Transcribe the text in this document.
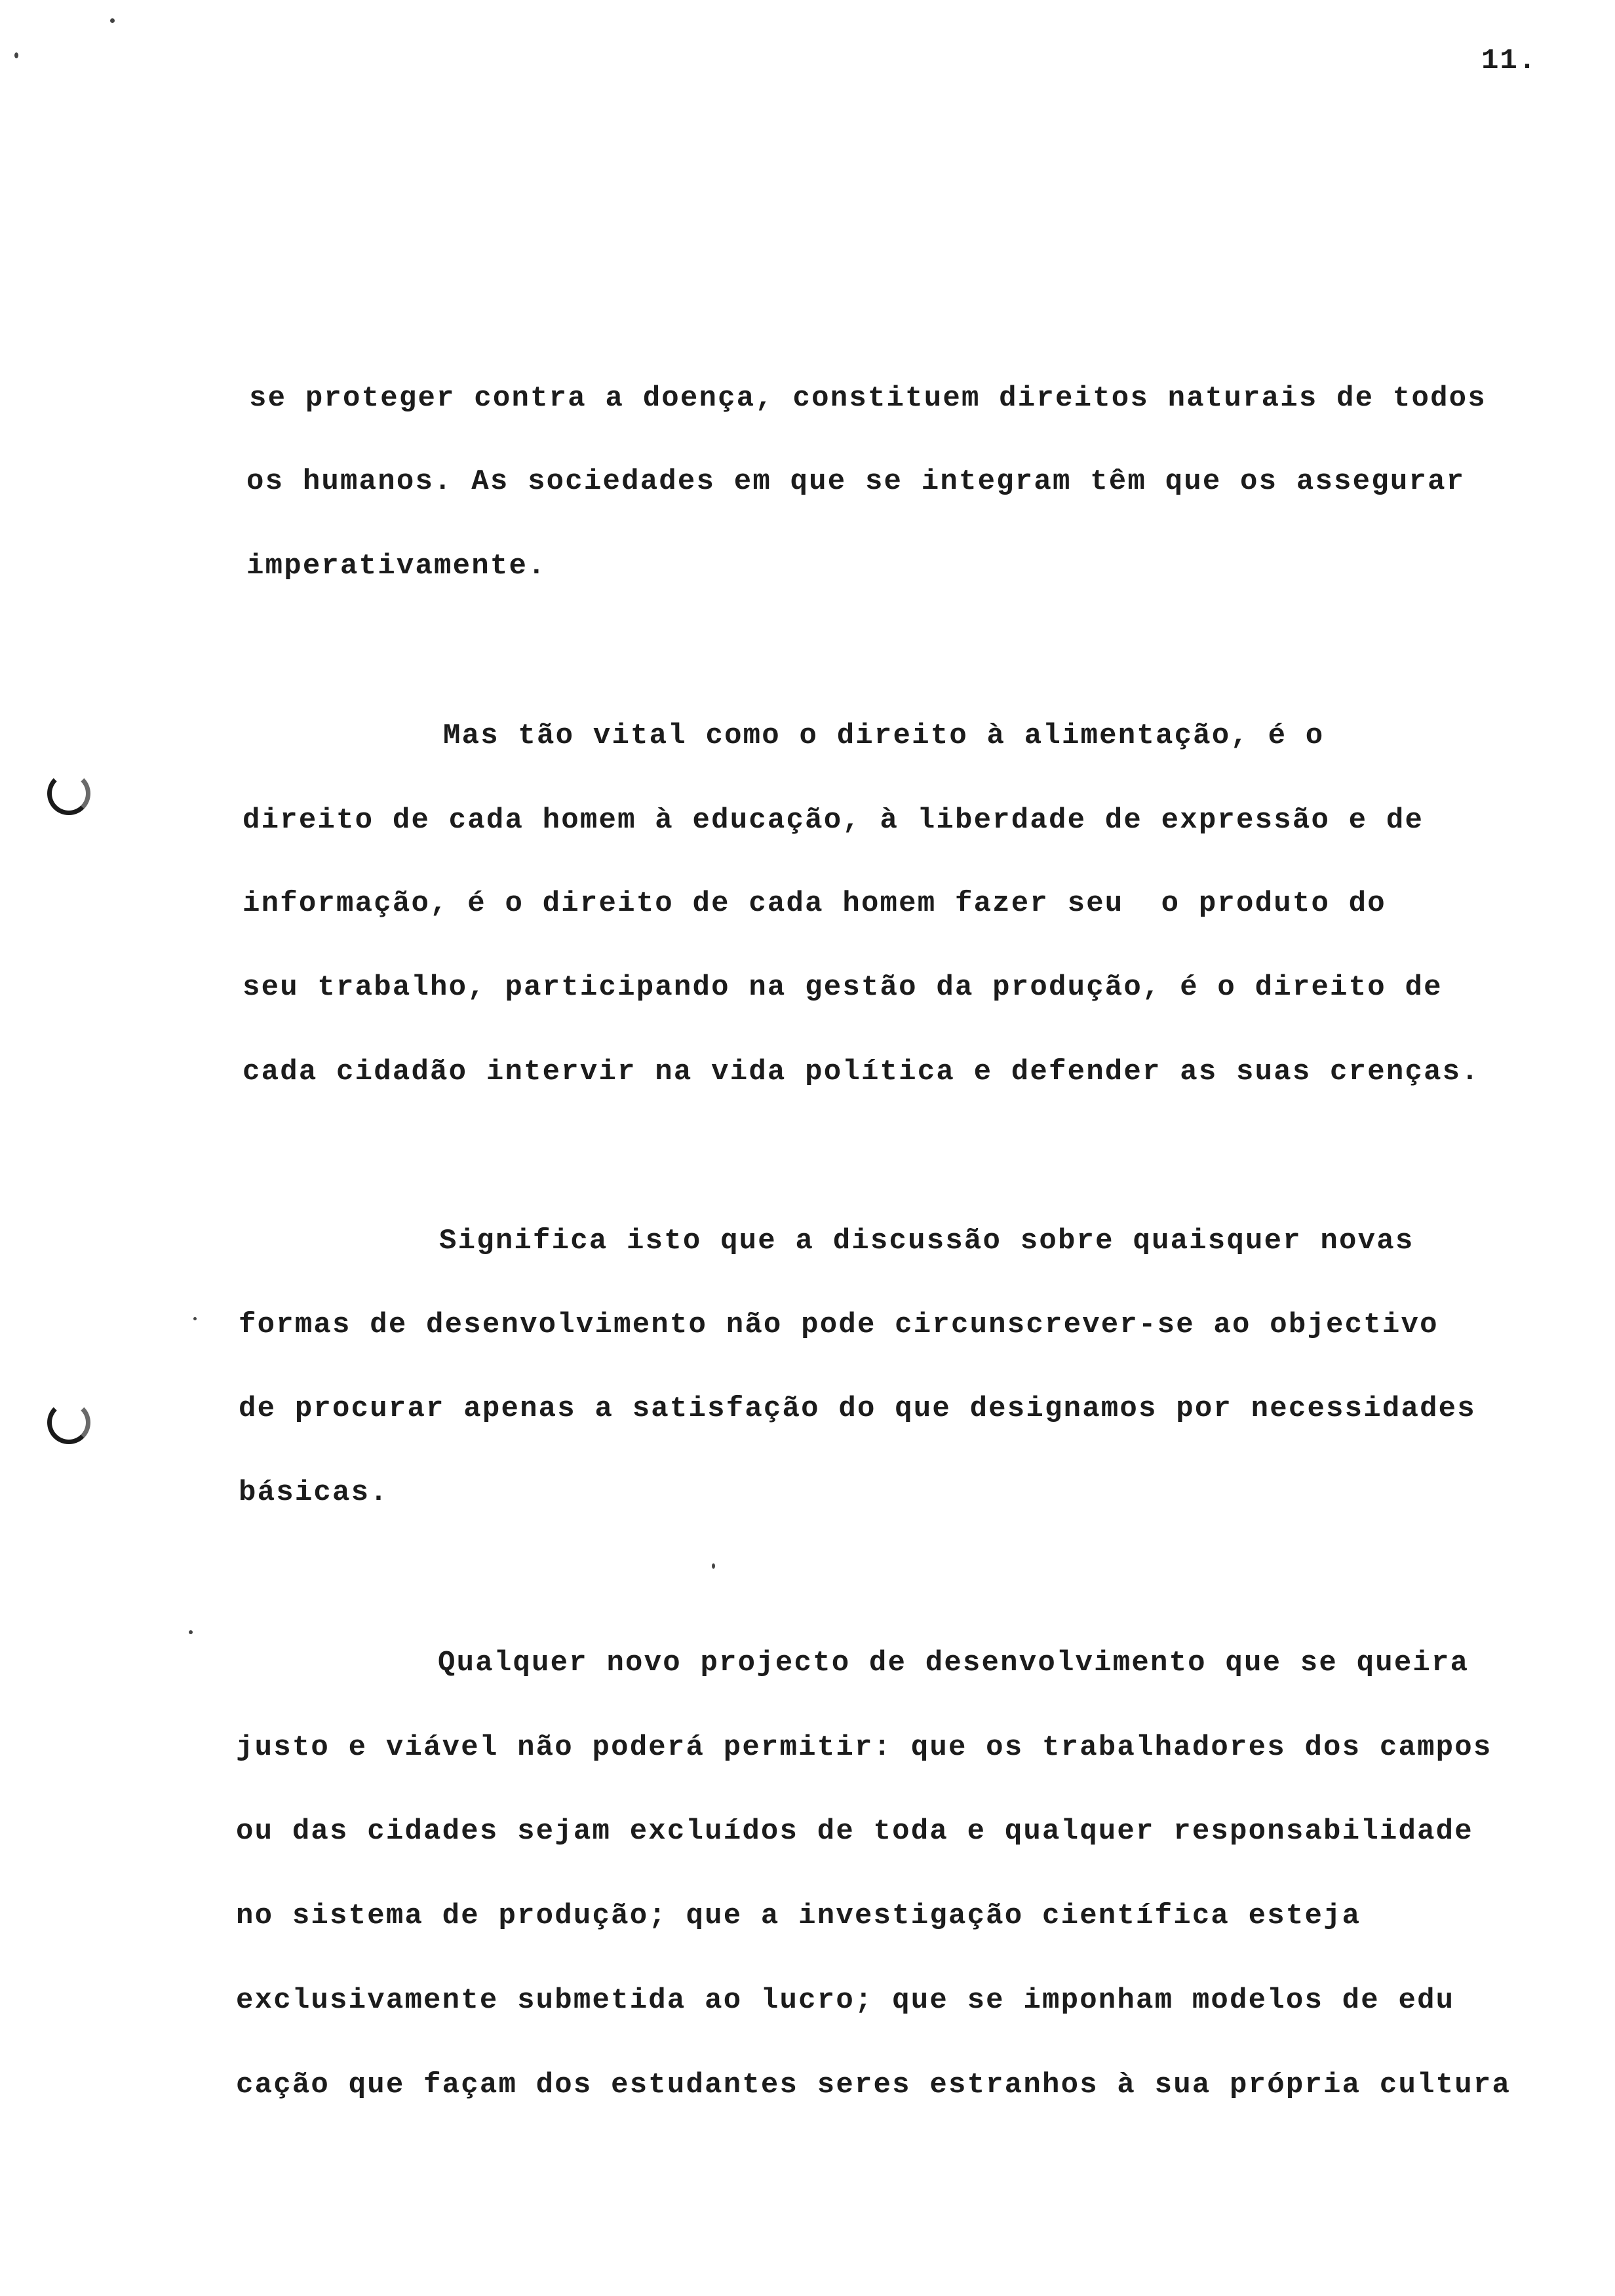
11.
se proteger contra a doença, constituem direitos naturais de todos
os humanos. As sociedades em que se integram têm que os assegurar
imperativamente.
Mas tão vital como o direito à alimentação, é o
direito de cada homem à educação, à liberdade de expressão e de
informação, é o direito de cada homem fazer seu  o produto do
seu trabalho, participando na gestão da produção, é o direito de
cada cidadão intervir na vida política e defender as suas crenças.
Significa isto que a discussão sobre quaisquer novas
formas de desenvolvimento não pode circunscrever-se ao objectivo
de procurar apenas a satisfação do que designamos por necessidades
básicas.
Qualquer novo projecto de desenvolvimento que se queira
justo e viável não poderá permitir: que os trabalhadores dos campos
ou das cidades sejam excluídos de toda e qualquer responsabilidade
no sistema de produção; que a investigação científica esteja
exclusivamente submetida ao lucro; que se imponham modelos de edu
cação que façam dos estudantes seres estranhos à sua própria cultura
